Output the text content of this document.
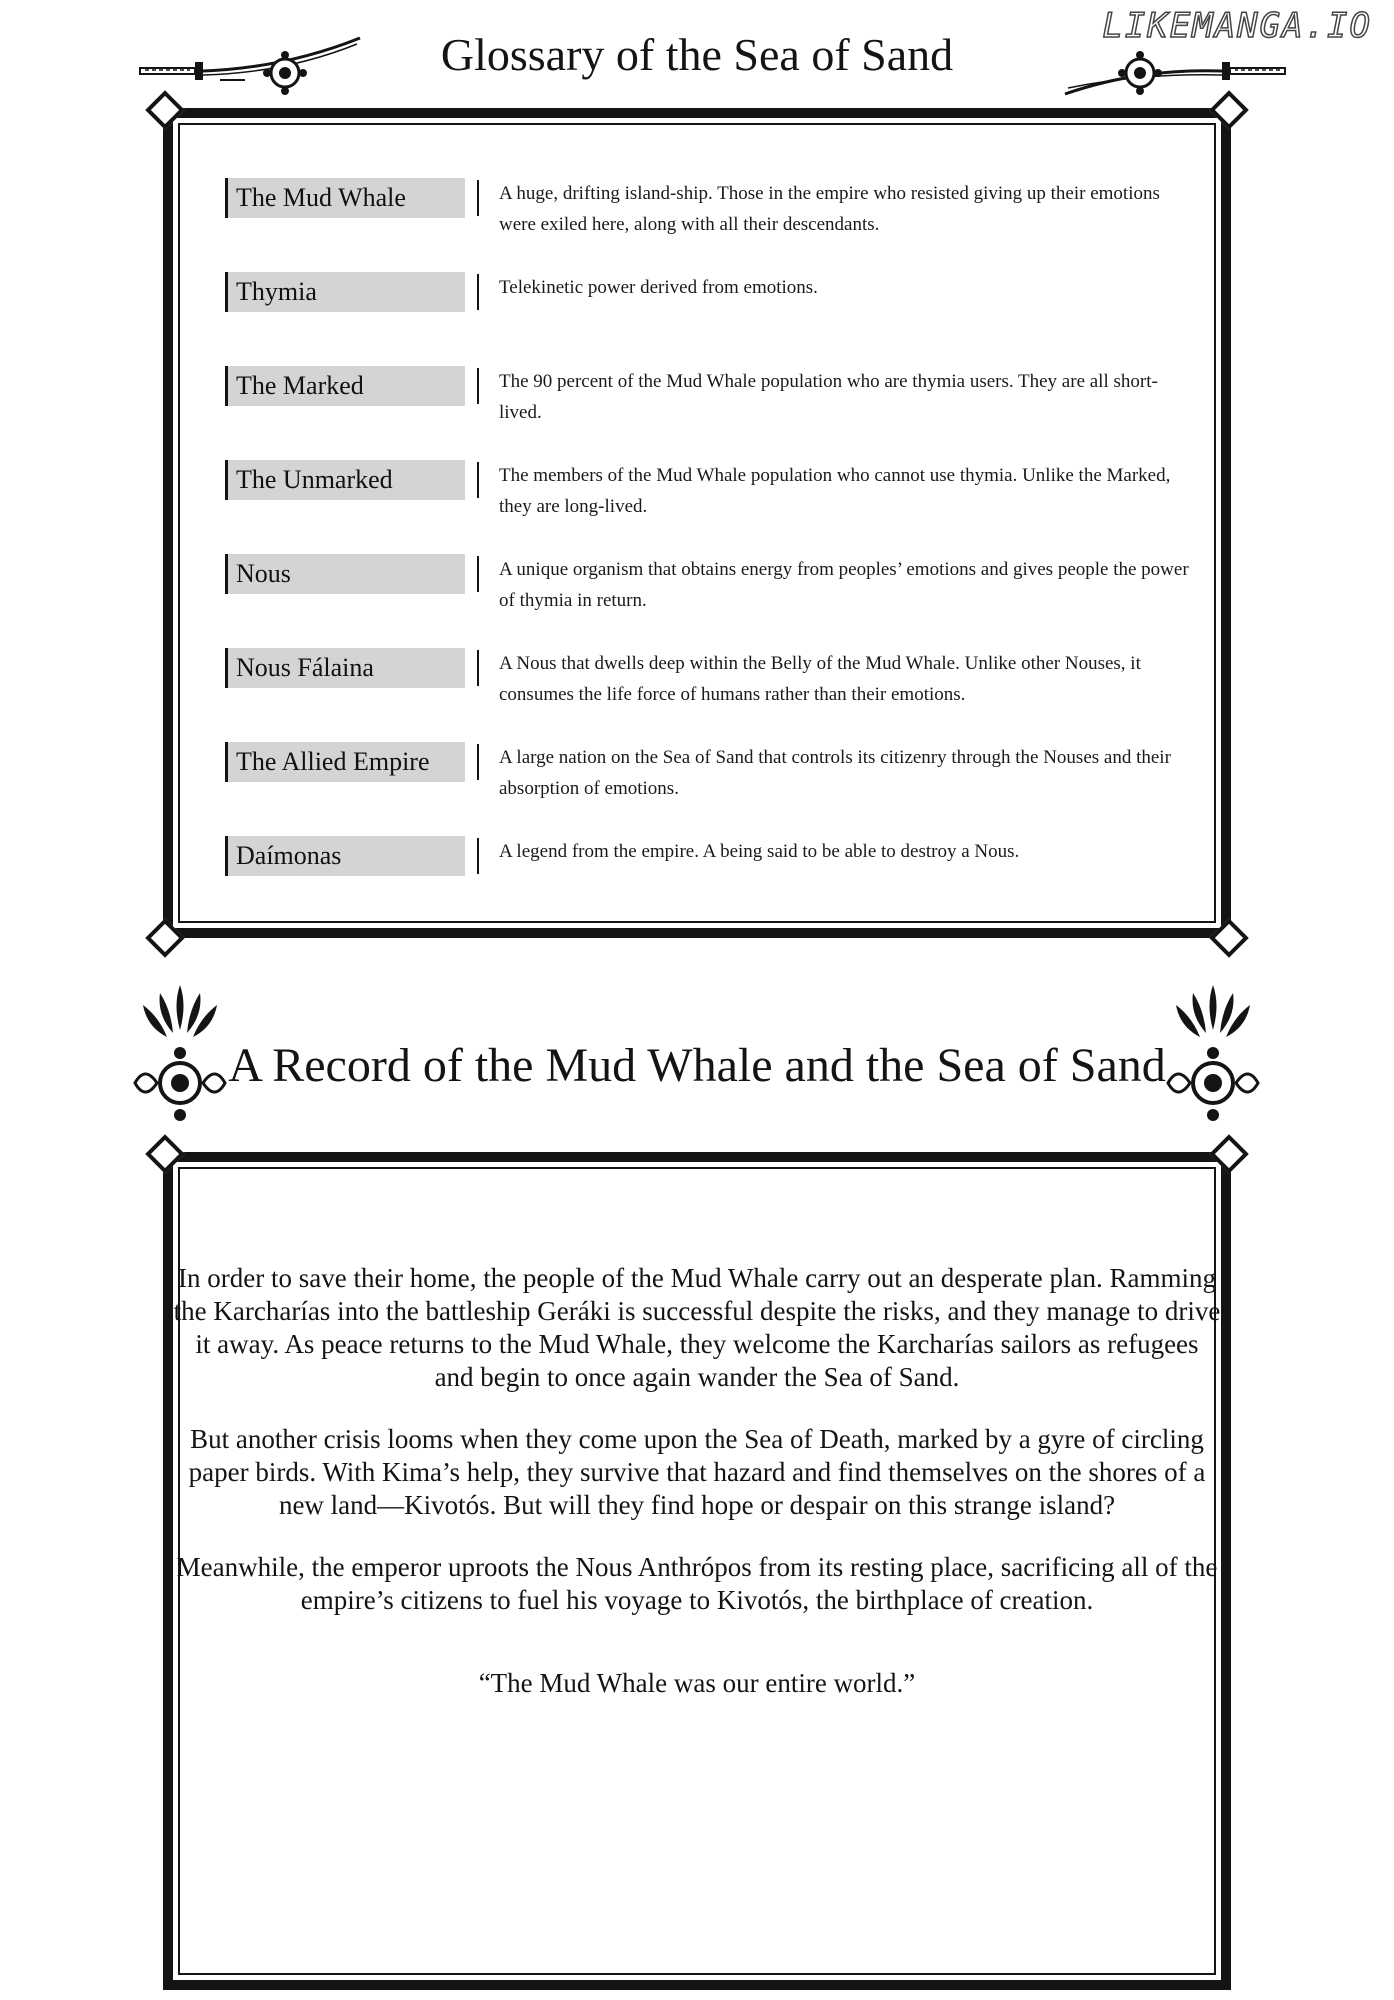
LIKEMANGA.IO
Glossary of the Sea of Sand
The Mud Whale	A huge, drifting island-ship. Those in the empire who resisted giving up their emotions were exiled here, along with all their descendants.
Thymia	Telekinetic power derived from emotions.
The Marked	The 90 percent of the Mud Whale population who are thymia users. They are all short-lived.
The Unmarked	The members of the Mud Whale population who cannot use thymia. Unlike the Marked, they are long-lived.
Nous	A unique organism that obtains energy from peoples’ emotions and gives people the power of thymia in return.
Nous Fálaina	A Nous that dwells deep within the Belly of the Mud Whale. Unlike other Nouses, it consumes the life force of humans rather than their emotions.
The Allied Empire	A large nation on the Sea of Sand that controls its citizenry through the Nouses and their absorption of emotions.
Daímonas	A legend from the empire. A being said to be able to destroy a Nous.
A Record of the Mud Whale and the Sea of Sand

In order to save their home, the people of the Mud Whale carry out an desperate plan. Ramming the Karcharías into the battleship Geráki is successful despite the risks, and they manage to drive it away. As peace returns to the Mud Whale, they welcome the Karcharías sailors as refugees and begin to once again wander the Sea of Sand.

But another crisis looms when they come upon the Sea of Death, marked by a gyre of circling paper birds. With Kima’s help, they survive that hazard and find themselves on the shores of a new land—Kivotós. But will they find hope or despair on this strange island?

Meanwhile, the emperor uproots the Nous Anthrópos from its resting place, sacrificing all of the empire’s citizens to fuel his voyage to Kivotós, the birthplace of creation.

“The Mud Whale was our entire world.”
